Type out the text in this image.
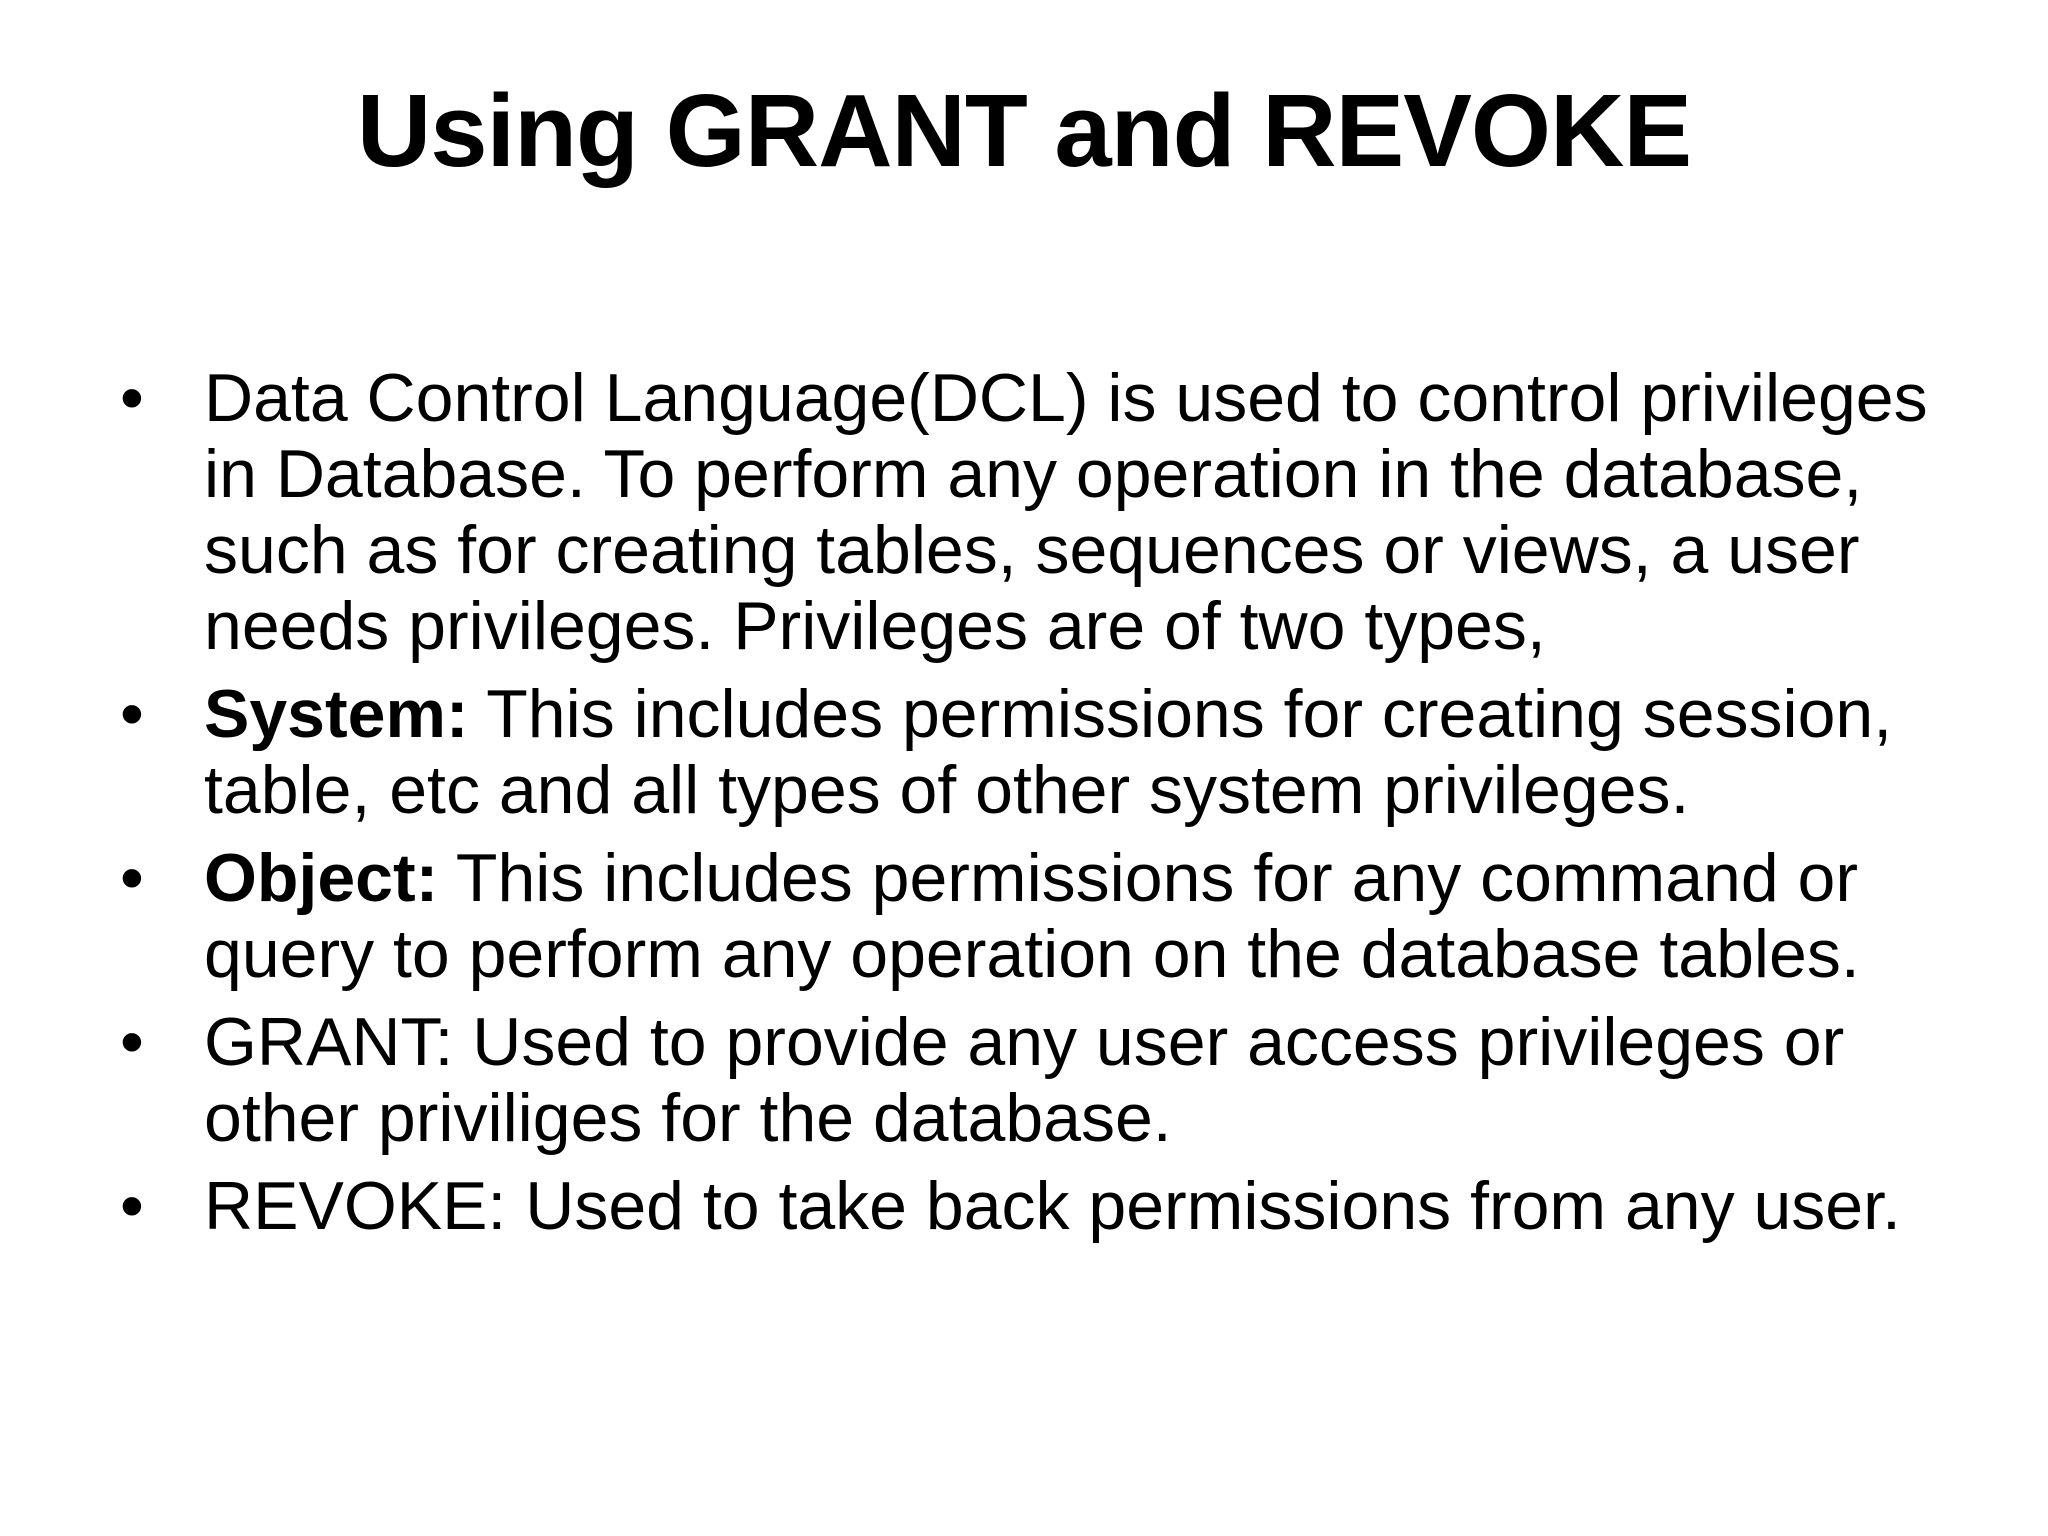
Using GRANT and REVOKE
• Data Control Language(DCL) is used to control privileges in Database. To perform any operation in the database, such as for creating tables, sequences or views, a user needs privileges. Privileges are of two types,
• System: This includes permissions for creating session, table, etc and all types of other system privileges.
• Object: This includes permissions for any command or query to perform any operation on the database tables.
• GRANT: Used to provide any user access privileges or other priviliges for the database.
• REVOKE: Used to take back permissions from any user.
